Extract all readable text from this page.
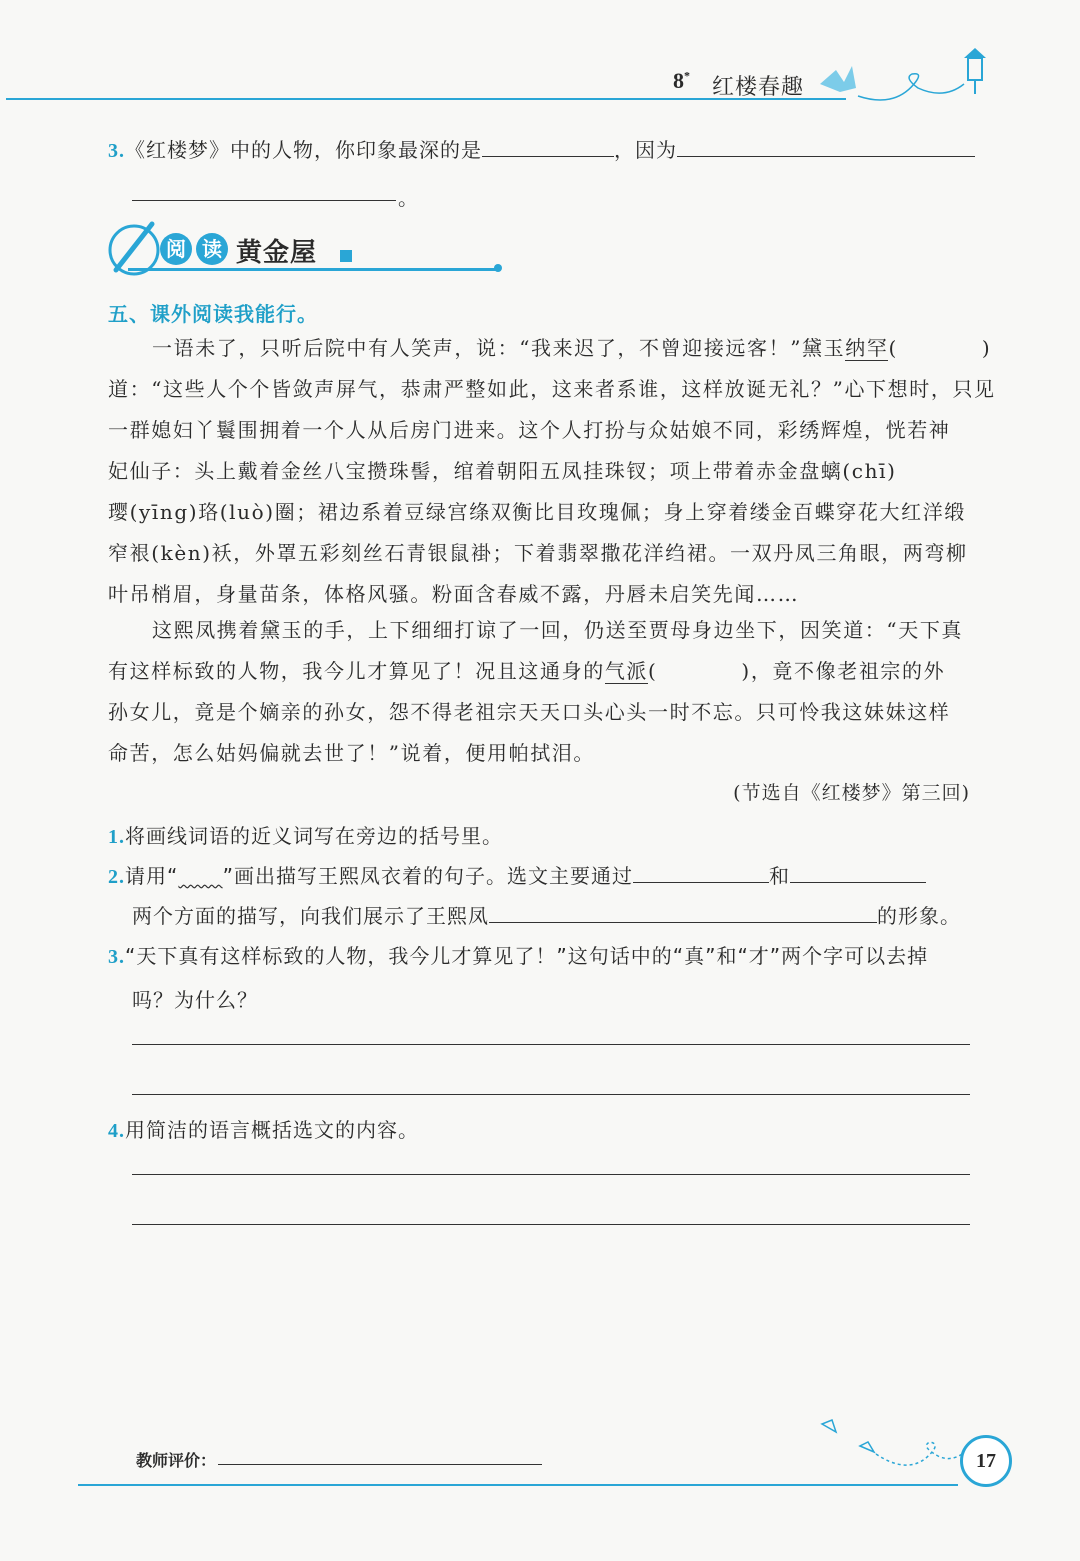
8* 红楼春趣
3.《红楼梦》中的人物，你印象最深的是	，因为
。
阅 读 黄金屋
五、课外阅读我能行。
一语未了，只听后院中有人笑声，说：“我来迟了，不曾迎接远客！”黛玉纳罕(	)
道：“这些人个个皆敛声屏气，恭肃严整如此，这来者系谁，这样放诞无礼？”心下想时，只见
一群媳妇丫鬟围拥着一个人从后房门进来。这个人打扮与众姑娘不同，彩绣辉煌，恍若神
妃仙子：头上戴着金丝八宝攒珠髻，绾着朝阳五凤挂珠钗；项上带着赤金盘螭(chī)
璎(yīng)珞(luò)圈；裙边系着豆绿宫绦双衡比目玫瑰佩；身上穿着缕金百蝶穿花大红洋缎
窄裉(kèn)袄，外罩五彩刻丝石青银鼠褂；下着翡翠撒花洋绉裙。一双丹凤三角眼，两弯柳
叶吊梢眉，身量苗条，体格风骚。粉面含春威不露，丹唇未启笑先闻……
这熙凤携着黛玉的手，上下细细打谅了一回，仍送至贾母身边坐下，因笑道：“天下真
有这样标致的人物，我今儿才算见了！况且这通身的气派(	)，竟不像老祖宗的外
孙女儿，竟是个嫡亲的孙女，怨不得老祖宗天天口头心头一时不忘。只可怜我这妹妹这样
命苦，怎么姑妈偏就去世了！”说着，便用帕拭泪。
(节选自《红楼梦》第三回)
1.将画线词语的近义词写在旁边的括号里。
2.请用“ ”画出描写王熙凤衣着的句子。选文主要通过	和
两个方面的描写，向我们展示了王熙凤	的形象。
3.“天下真有这样标致的人物，我今儿才算见了！”这句话中的“真”和“才”两个字可以去掉
吗？为什么？
4.用简洁的语言概括选文的内容。
教师评价：	17
